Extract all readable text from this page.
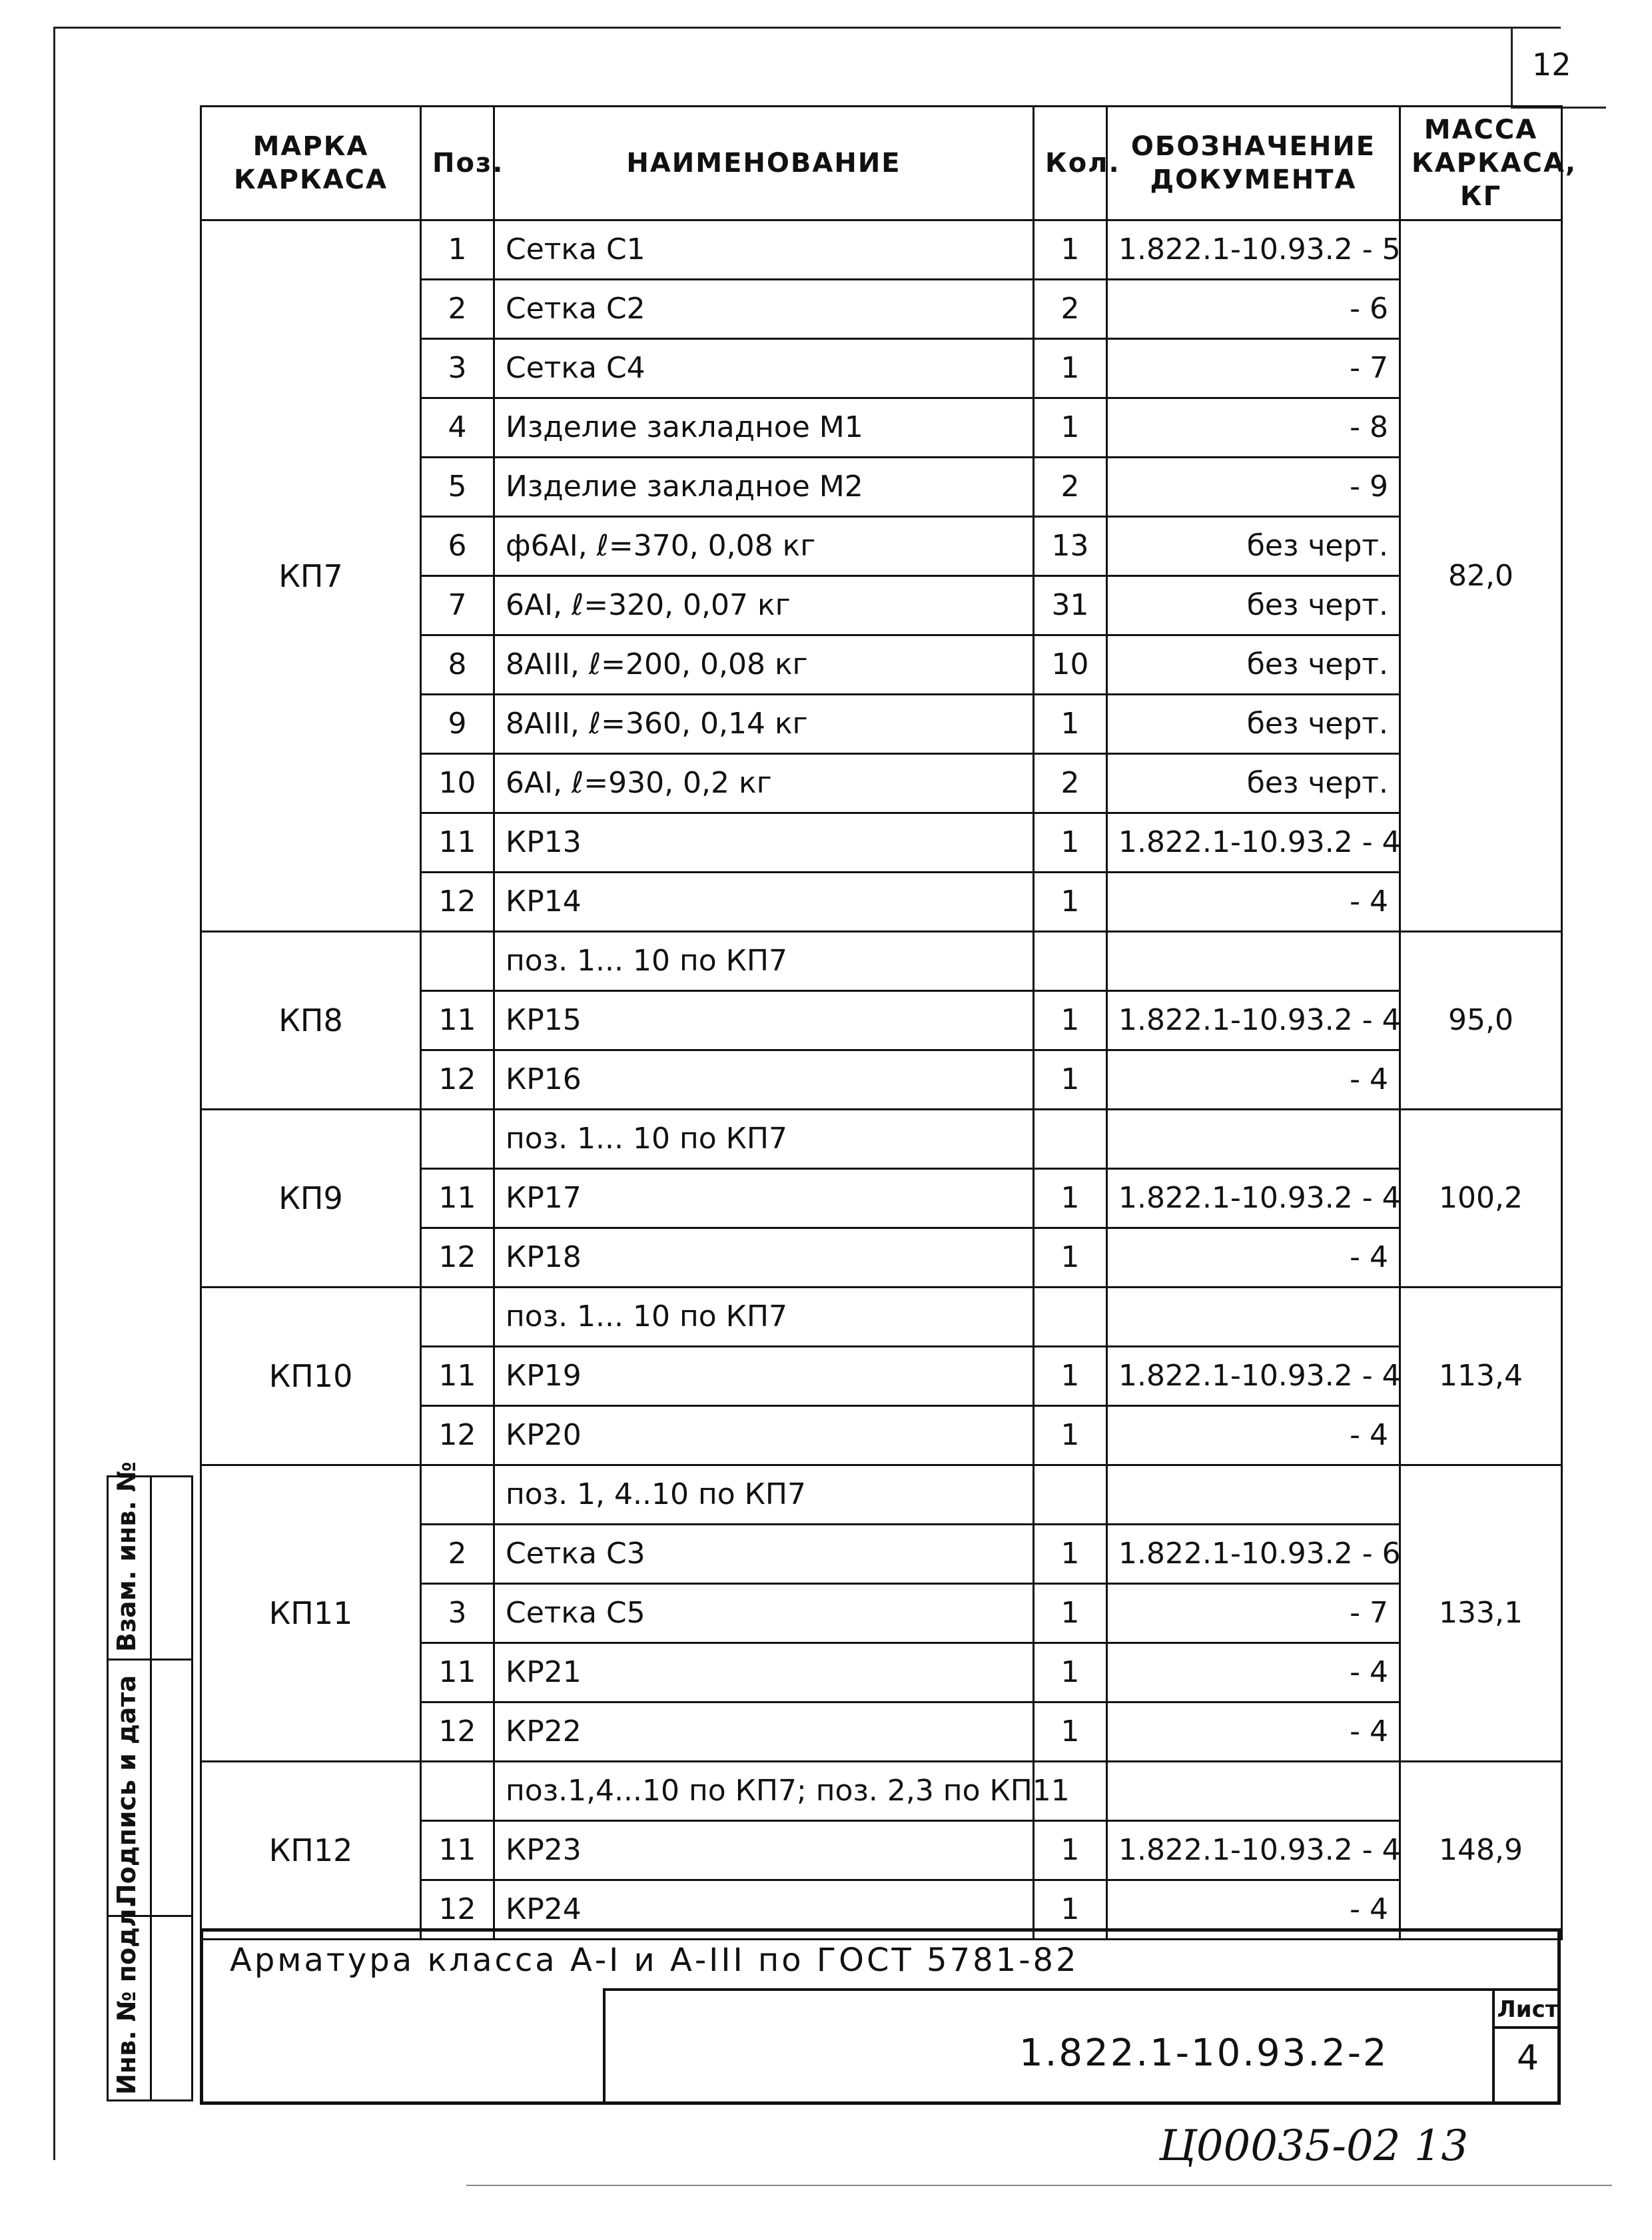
12
МАРКА КАРКАСА	Поз.	НАИМЕНОВАНИЕ	Кол.	ОБОЗНАЧЕНИЕ ДОКУМЕНТА	МАССА КАРКАСА, КГ
КП7	1	Сетка С1	1	1.822.1-10.93.2 - 5	82,0
	2	Сетка С2	2	- 6	
	3	Сетка С4	1	- 7	
	4	Изделие закладное М1	1	- 8	
	5	Изделие закладное М2	2	- 9	
	6	ф6АI, ℓ=370, 0,08 кг	13	без черт.	
	7	6АI, ℓ=320, 0,07 кг	31	без черт.	
	8	8АIII, ℓ=200, 0,08 кг	10	без черт.	
	9	8АIII, ℓ=360, 0,14 кг	1	без черт.	
	10	6АI, ℓ=930, 0,2 кг	2	без черт.	
	11	КР13	1	1.822.1-10.93.2 - 4	
	12	КР14	1	- 4	
КП8		поз. 1... 10 по КП7			95,0
	11	КР15	1	1.822.1-10.93.2 - 4	
	12	КР16	1	- 4	
КП9		поз. 1... 10 по КП7			100,2
	11	КР17	1	1.822.1-10.93.2 - 4	
	12	КР18	1	- 4	
КП10		поз. 1... 10 по КП7			113,4
	11	КР19	1	1.822.1-10.93.2 - 4	
	12	КР20	1	- 4	
КП11		поз. 1, 4..10 по КП7			133,1
	2	Сетка С3	1	1.822.1-10.93.2 - 6	
	3	Сетка С5	1	- 7	
	11	КР21	1	- 4	
	12	КР22	1	- 4	
КП12		поз.1,4...10 по КП7; поз. 2,3 по КП11			148,9
	11	КР23	1	1.822.1-10.93.2 - 4	
	12	КР24	1	- 4	
Арматура класса А-I и А-III по ГОСТ 5781-82
1.822.1-10.93.2-2
Лист
4
Взам. инв. №
Подпись и дата
Инв. № подл.
Ц00035-02 13
